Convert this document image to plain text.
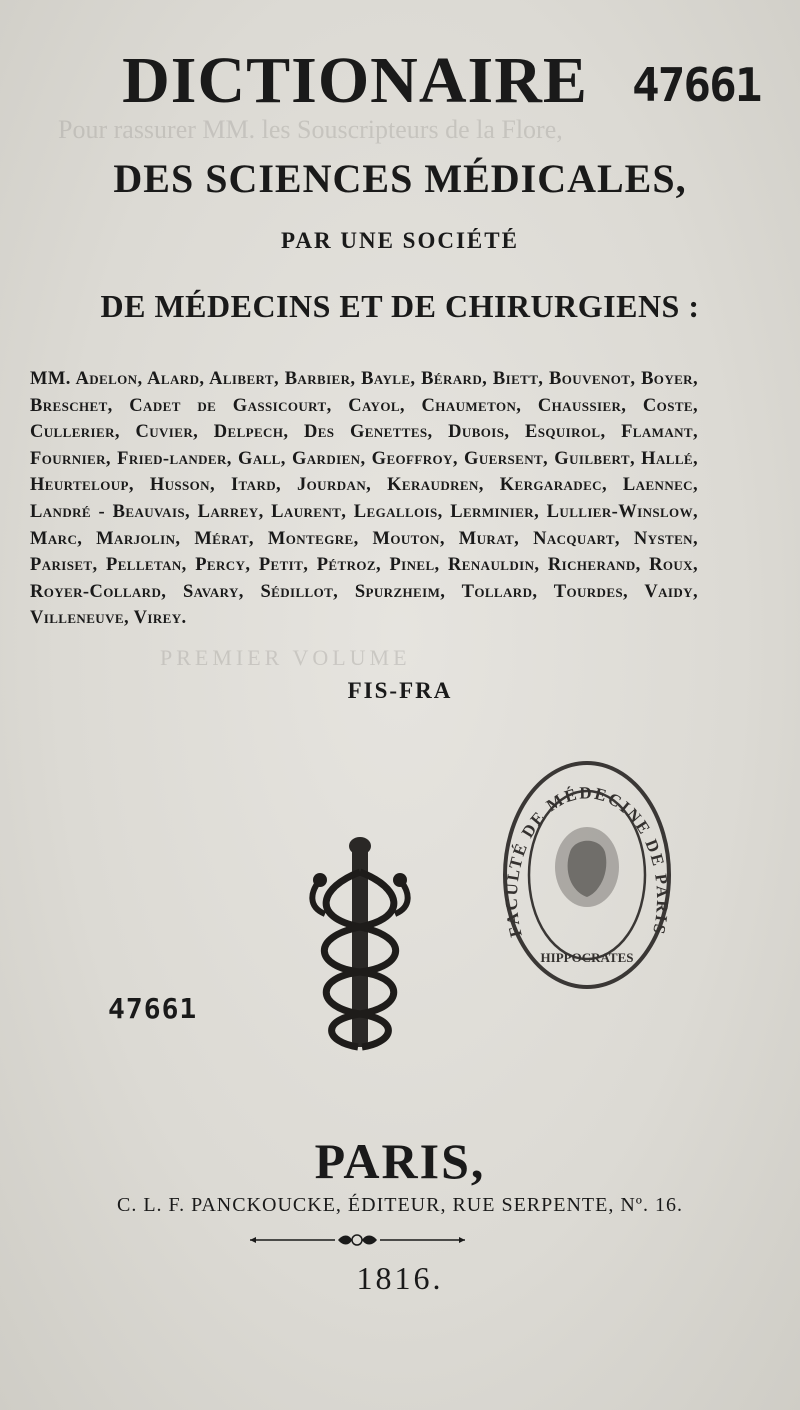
Pour rassurer MM. les Souscripteurs de la Flore,
PREMIER VOLUME
DICTIONAIRE 47661
DES SCIENCES MÉDICALES,
PAR UNE SOCIÉTÉ
DE MÉDECINS ET DE CHIRURGIENS :
MM. Adelon, Alard, Alibert, Barbier, Bayle, Bérard, Biett, Bouvenot, Boyer, Breschet, Cadet de Gassicourt, Cayol, Chaumeton, Chaussier, Coste, Cullerier, Cuvier, Delpech, Des Genettes, Dubois, Esquirol, Flamant, Fournier, Fried-lander, Gall, Gardien, Geoffroy, Guersent, Guilbert, Hallé, Heurteloup, Husson, Itard, Jourdan, Keraudren, Kergaradec, Laennec, Landré - Beauvais, Larrey, Laurent, Legallois, Lerminier, Lullier-Winslow, Marc, Marjolin, Mérat, Montegre, Mouton, Murat, Nacquart, Nysten, Pariset, Pelletan, Percy, Petit, Pétroz, Pinel, Renauldin, Richerand, Roux, Royer-Collard, Savary, Sédillot, Spurzheim, Tollard, Tourdes, Vaidy, Villeneuve, Virey.
FIS-FRA
FACULTÉ DE MÉDECINE DE PARIS
HIPPOCRATES
47661
PARIS,
C. L. F. PANCKOUCKE, ÉDITEUR, RUE SERPENTE, Nº. 16.
1816.
